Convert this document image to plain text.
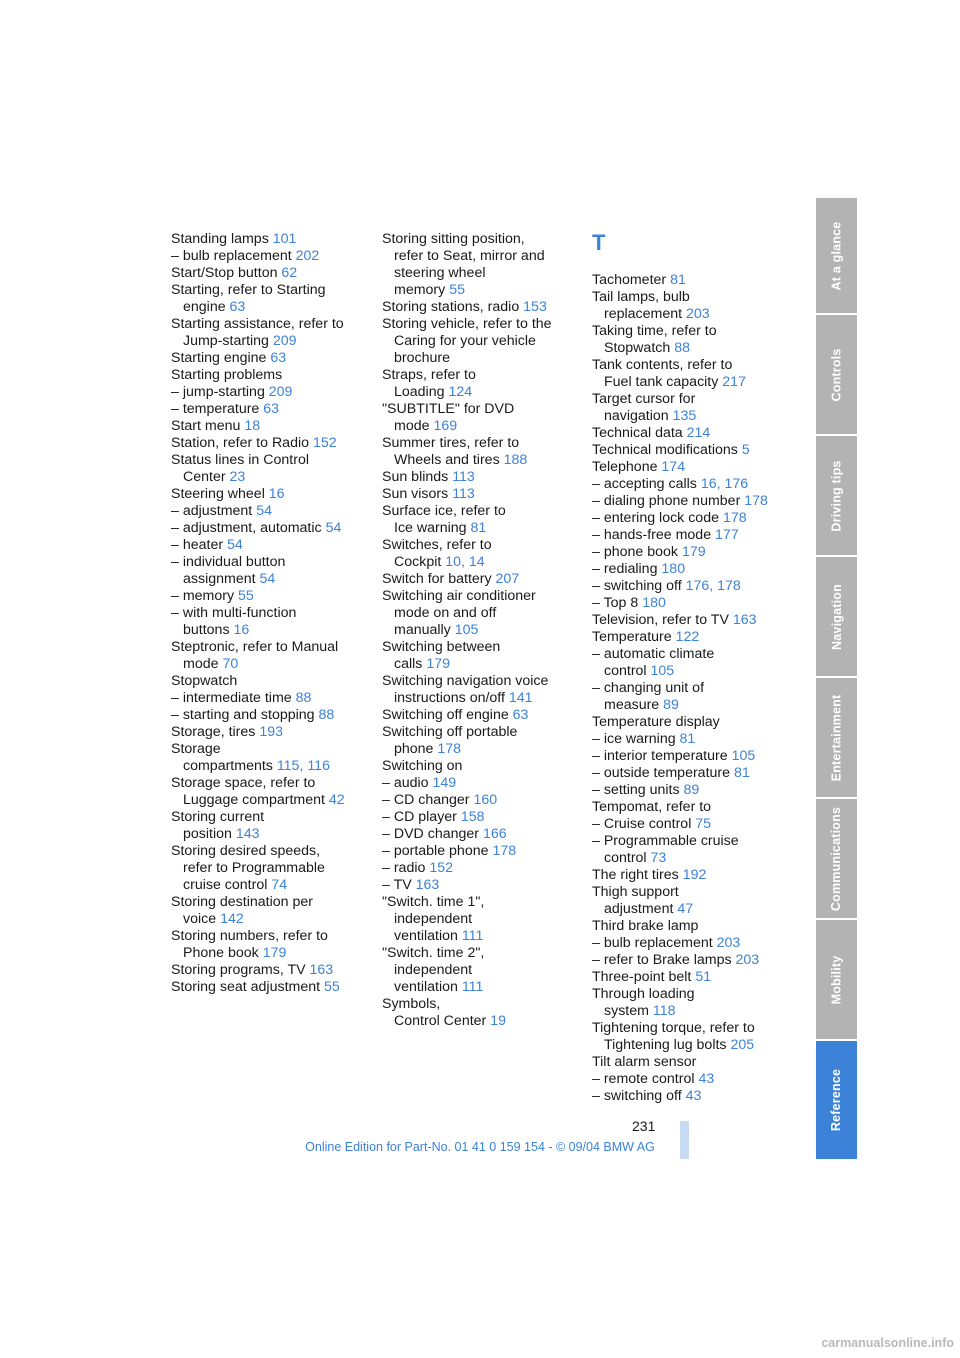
Standing lamps 101
– bulb replacement 202
Start/Stop button 62
Starting, refer to Starting
engine 63
Starting assistance, refer to
Jump-starting 209
Starting engine 63
Starting problems
– jump-starting 209
– temperature 63
Start menu 18
Station, refer to Radio 152
Status lines in Control
Center 23
Steering wheel 16
– adjustment 54
– adjustment, automatic 54
– heater 54
– individual button
assignment 54
– memory 55
– with multi-function
buttons 16
Steptronic, refer to Manual
mode 70
Stopwatch
– intermediate time 88
– starting and stopping 88
Storage, tires 193
Storage
compartments 115, 116
Storage space, refer to
Luggage compartment 42
Storing current
position 143
Storing desired speeds,
refer to Programmable
cruise control 74
Storing destination per
voice 142
Storing numbers, refer to
Phone book 179
Storing programs, TV 163
Storing seat adjustment 55
Storing sitting position,
refer to Seat, mirror and
steering wheel
memory 55
Storing stations, radio 153
Storing vehicle, refer to the
Caring for your vehicle
brochure
Straps, refer to
Loading 124
"SUBTITLE" for DVD
mode 169
Summer tires, refer to
Wheels and tires 188
Sun blinds 113
Sun visors 113
Surface ice, refer to
Ice warning 81
Switches, refer to
Cockpit 10, 14
Switch for battery 207
Switching air conditioner
mode on and off
manually 105
Switching between
calls 179
Switching navigation voice
instructions on/off 141
Switching off engine 63
Switching off portable
phone 178
Switching on
– audio 149
– CD changer 160
– CD player 158
– DVD changer 166
– portable phone 178
– radio 152
– TV 163
"Switch. time 1",
independent
ventilation 111
"Switch. time 2",
independent
ventilation 111
Symbols,
Control Center 19
T
Tachometer 81
Tail lamps, bulb
replacement 203
Taking time, refer to
Stopwatch 88
Tank contents, refer to
Fuel tank capacity 217
Target cursor for
navigation 135
Technical data 214
Technical modifications 5
Telephone 174
– accepting calls 16, 176
– dialing phone number 178
– entering lock code 178
– hands-free mode 177
– phone book 179
– redialing 180
– switching off 176, 178
– Top 8 180
Television, refer to TV 163
Temperature 122
– automatic climate
control 105
– changing unit of
measure 89
Temperature display
– ice warning 81
– interior temperature 105
– outside temperature 81
– setting units 89
Tempomat, refer to
– Cruise control 75
– Programmable cruise
control 73
The right tires 192
Thigh support
adjustment 47
Third brake lamp
– bulb replacement 203
– refer to Brake lamps 203
Three-point belt 51
Through loading
system 118
Tightening torque, refer to
Tightening lug bolts 205
Tilt alarm sensor
– remote control 43
– switching off 43
At a glance
Controls
Driving tips
Navigation
Entertainment
Communications
Mobility
Reference
231
Online Edition for Part-No. 01 41 0 159 154 - © 09/04 BMW AG
carmanualsonline.info
